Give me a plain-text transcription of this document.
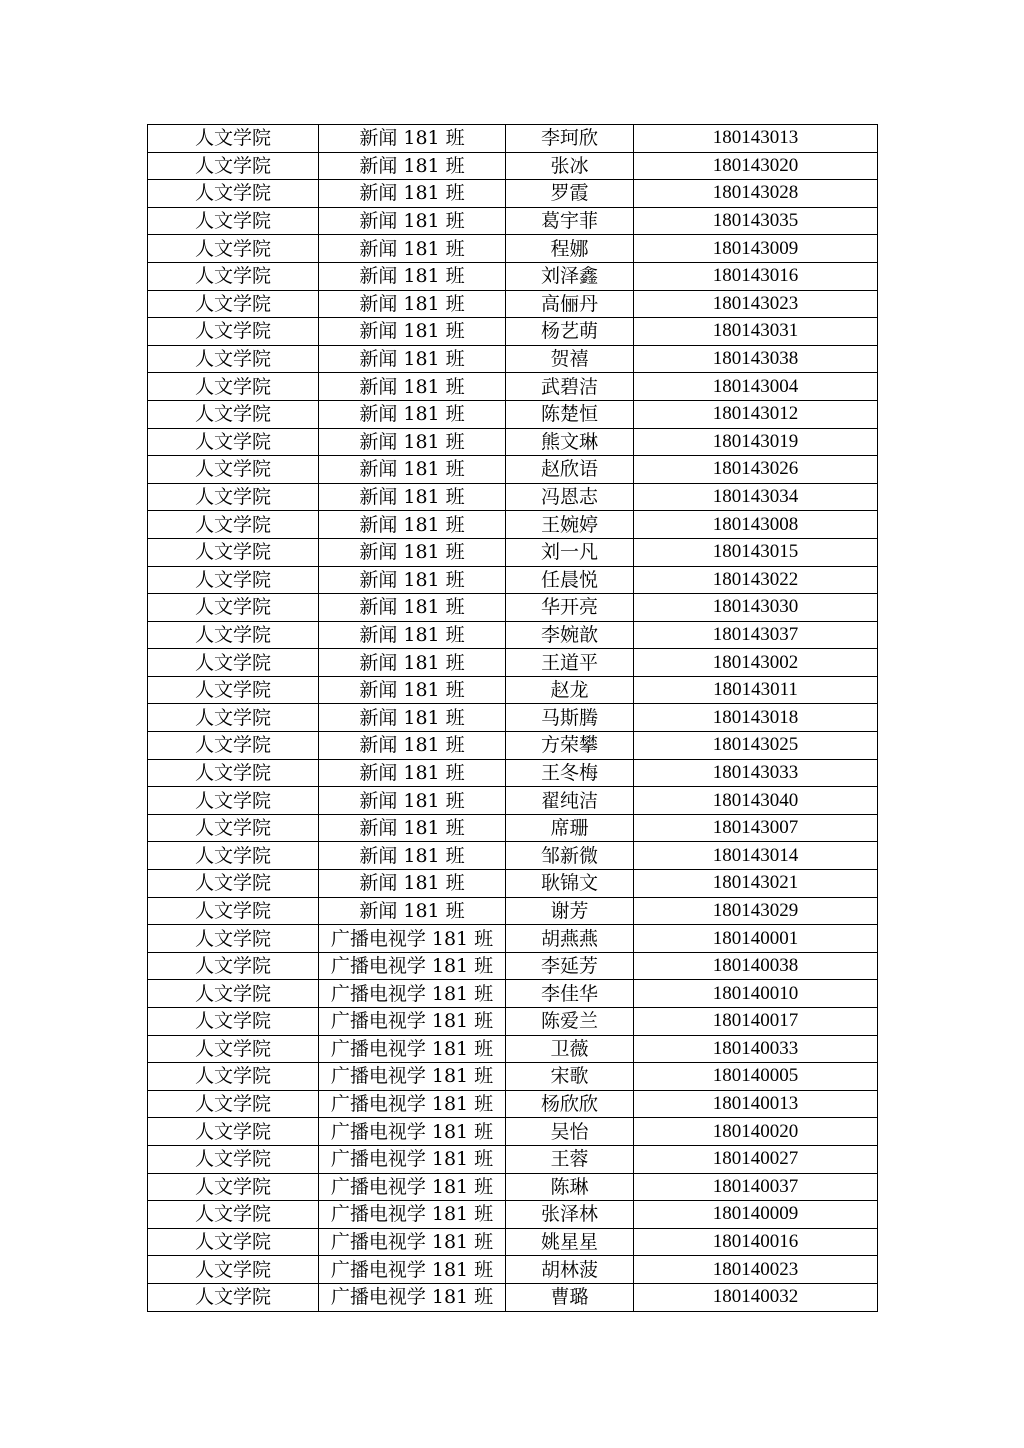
人文学院	新闻 181 班	李珂欣	180143013
人文学院	新闻 181 班	张冰	180143020
人文学院	新闻 181 班	罗霞	180143028
人文学院	新闻 181 班	葛宇菲	180143035
人文学院	新闻 181 班	程娜	180143009
人文学院	新闻 181 班	刘泽鑫	180143016
人文学院	新闻 181 班	高俪丹	180143023
人文学院	新闻 181 班	杨艺萌	180143031
人文学院	新闻 181 班	贺禧	180143038
人文学院	新闻 181 班	武碧洁	180143004
人文学院	新闻 181 班	陈楚恒	180143012
人文学院	新闻 181 班	熊文琳	180143019
人文学院	新闻 181 班	赵欣语	180143026
人文学院	新闻 181 班	冯恩志	180143034
人文学院	新闻 181 班	王婉婷	180143008
人文学院	新闻 181 班	刘一凡	180143015
人文学院	新闻 181 班	任晨悦	180143022
人文学院	新闻 181 班	华开亮	180143030
人文学院	新闻 181 班	李婉歆	180143037
人文学院	新闻 181 班	王道平	180143002
人文学院	新闻 181 班	赵龙	180143011
人文学院	新闻 181 班	马斯腾	180143018
人文学院	新闻 181 班	方荣攀	180143025
人文学院	新闻 181 班	王冬梅	180143033
人文学院	新闻 181 班	翟纯洁	180143040
人文学院	新闻 181 班	席珊	180143007
人文学院	新闻 181 班	邹新微	180143014
人文学院	新闻 181 班	耿锦文	180143021
人文学院	新闻 181 班	谢芳	180143029
人文学院	广播电视学 181 班	胡燕燕	180140001
人文学院	广播电视学 181 班	李延芳	180140038
人文学院	广播电视学 181 班	李佳华	180140010
人文学院	广播电视学 181 班	陈爱兰	180140017
人文学院	广播电视学 181 班	卫薇	180140033
人文学院	广播电视学 181 班	宋歌	180140005
人文学院	广播电视学 181 班	杨欣欣	180140013
人文学院	广播电视学 181 班	吴怡	180140020
人文学院	广播电视学 181 班	王蓉	180140027
人文学院	广播电视学 181 班	陈琳	180140037
人文学院	广播电视学 181 班	张泽林	180140009
人文学院	广播电视学 181 班	姚星星	180140016
人文学院	广播电视学 181 班	胡林菠	180140023
人文学院	广播电视学 181 班	曹璐	180140032
